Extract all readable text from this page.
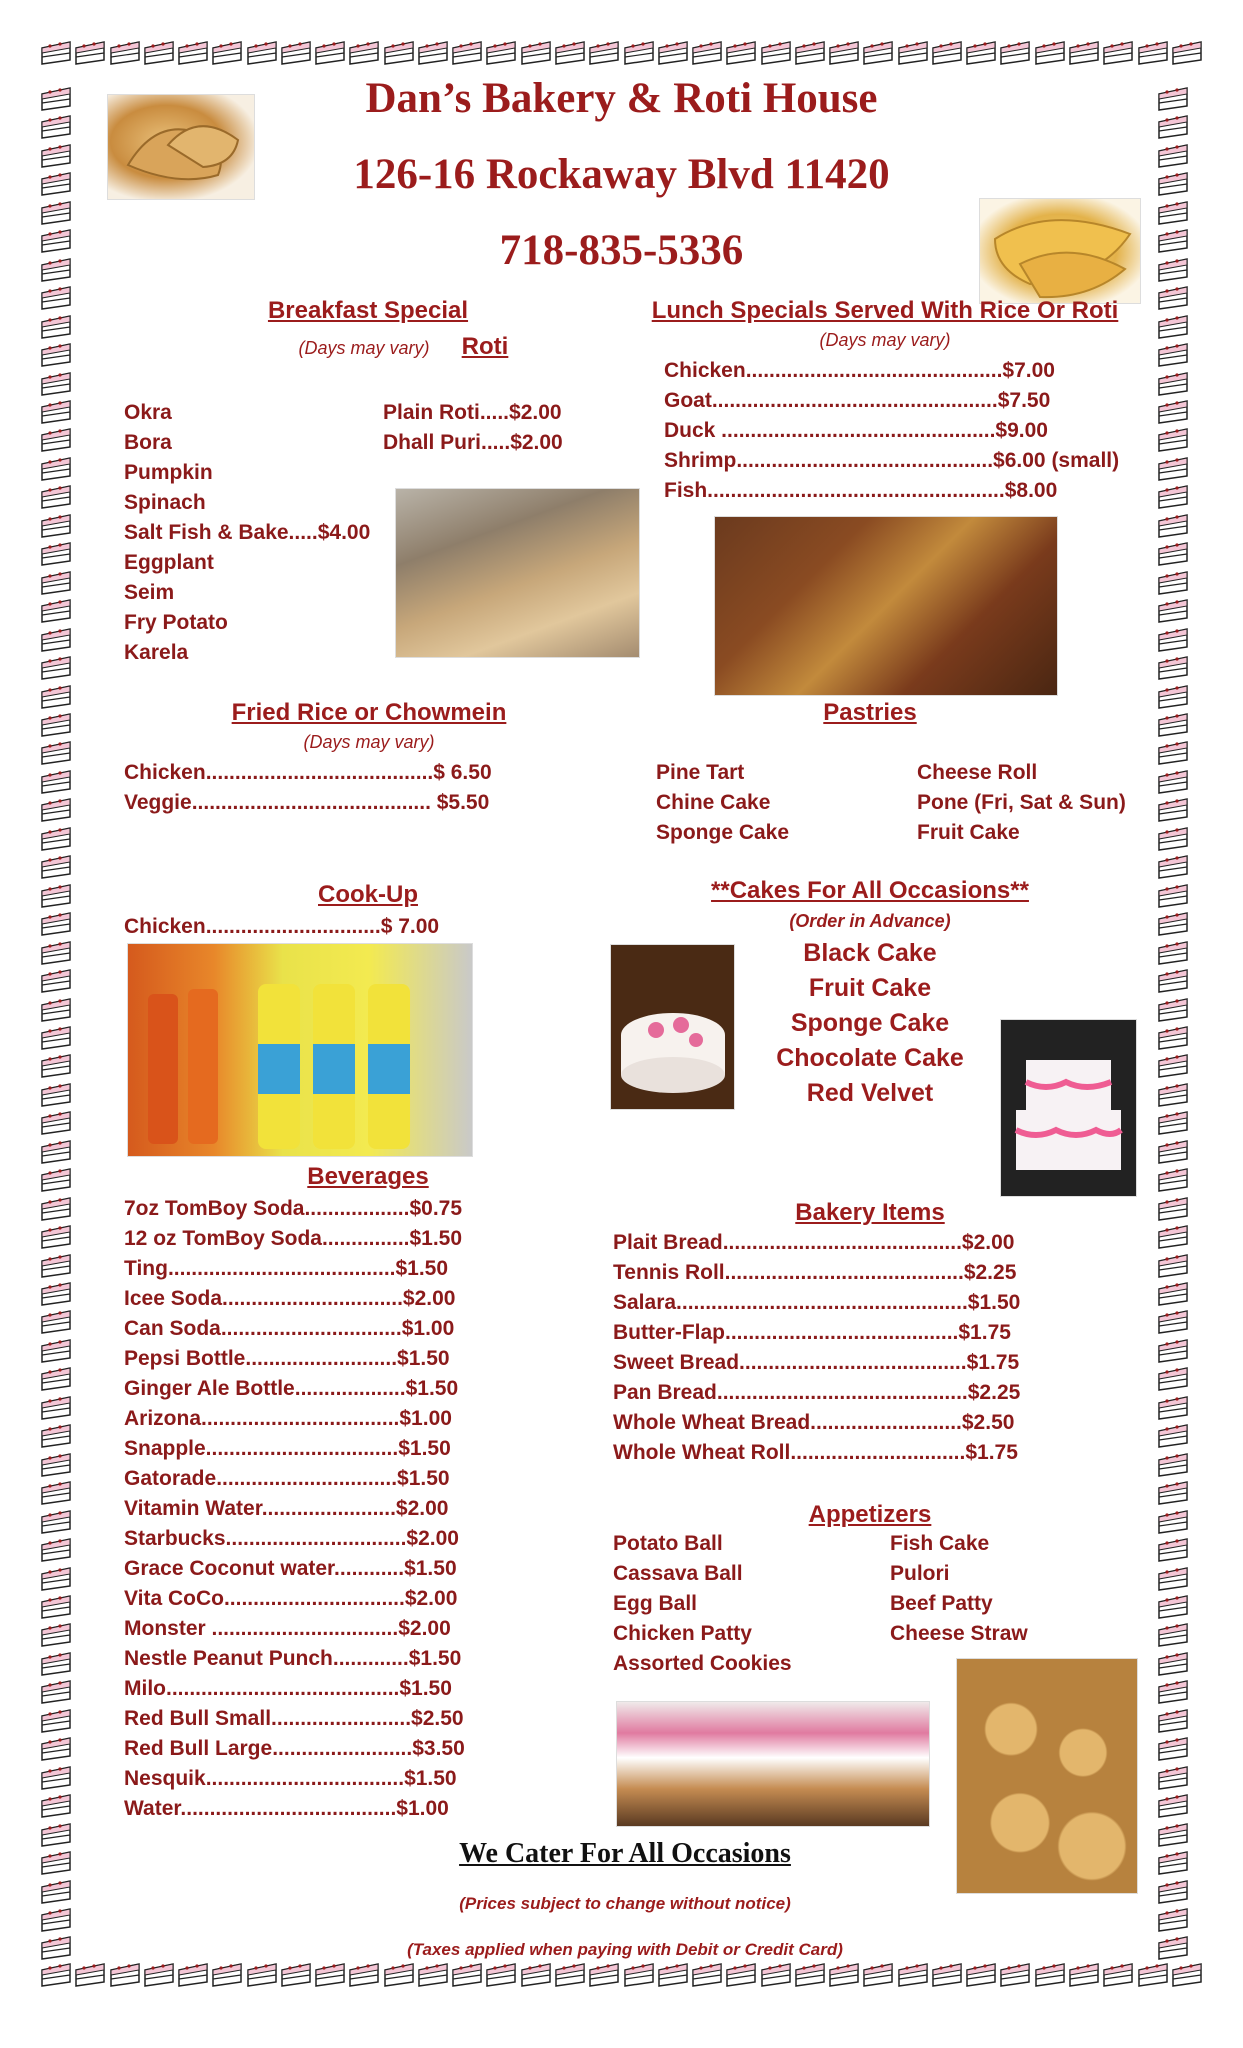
Dan’s Bakery & Roti House
126-16 Rockaway Blvd 11420
718-835-5336
Breakfast Special
(Days may vary)	Roti
Okra
Bora
Pumpkin
Spinach
Salt Fish & Bake.....$4.00
Eggplant
Seim
Fry Potato
Karela
Plain Roti.....$2.00
Dhall Puri.....$2.00
Lunch Specials Served With Rice Or Roti
(Days may vary)
Chicken............................................$7.00
Goat.................................................$7.50
Duck ...............................................$9.00
Shrimp............................................$6.00 (small)
Fish...................................................$8.00
Fried Rice or Chowmein
(Days may vary)
Chicken.......................................$ 6.50
Veggie......................................... $5.50
Pastries
Pine Tart
Chine Cake
Sponge Cake
Cheese Roll
Pone (Fri, Sat & Sun)
Fruit Cake
Cook-Up
Chicken..............................$ 7.00
**Cakes For All Occasions**
(Order in Advance)
Black Cake
Fruit Cake
Sponge Cake
Chocolate Cake
Red Velvet
Beverages
7oz TomBoy Soda..................$0.75
12 oz TomBoy Soda...............$1.50
Ting.......................................$1.50
Icee Soda...............................$2.00
Can Soda...............................$1.00
Pepsi Bottle..........................$1.50
Ginger Ale Bottle...................$1.50
Arizona..................................$1.00
Snapple.................................$1.50
Gatorade...............................$1.50
Vitamin Water.......................$2.00
Starbucks...............................$2.00
Grace Coconut water............$1.50
Vita CoCo...............................$2.00
Monster ................................$2.00
Nestle Peanut Punch.............$1.50
Milo........................................$1.50
Red Bull Small........................$2.50
Red Bull Large........................$3.50
Nesquik..................................$1.50
Water.....................................$1.00
Bakery Items
Plait Bread.........................................$2.00
Tennis Roll.........................................$2.25
Salara..................................................$1.50
Butter-Flap........................................$1.75
Sweet Bread.......................................$1.75
Pan Bread...........................................$2.25
Whole Wheat Bread..........................$2.50
Whole Wheat Roll..............................$1.75
Appetizers
Potato Ball
Cassava Ball
Egg Ball
Chicken Patty
Assorted Cookies
Fish Cake
Pulori
Beef Patty
Cheese Straw
We Cater For All Occasions
(Prices subject to change without notice)
(Taxes applied when paying with Debit or Credit Card)
